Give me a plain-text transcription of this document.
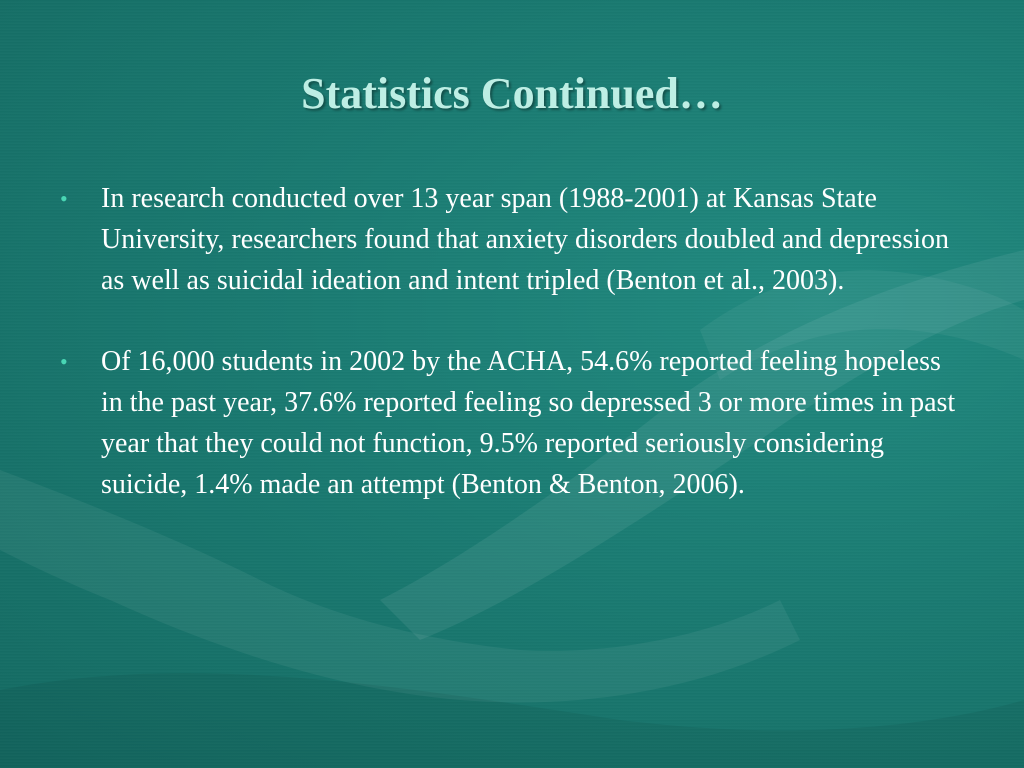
Statistics Continued…
• In research conducted over 13 year span (1988-2001) at Kansas State University, researchers found that anxiety disorders doubled and depression as well as suicidal ideation and intent tripled (Benton et al., 2003).
• Of 16,000 students in 2002 by the ACHA, 54.6% reported feeling hopeless in the past year, 37.6% reported feeling so depressed 3 or more times in past year that they could not function, 9.5% reported seriously considering suicide, 1.4% made an attempt (Benton & Benton, 2006).
